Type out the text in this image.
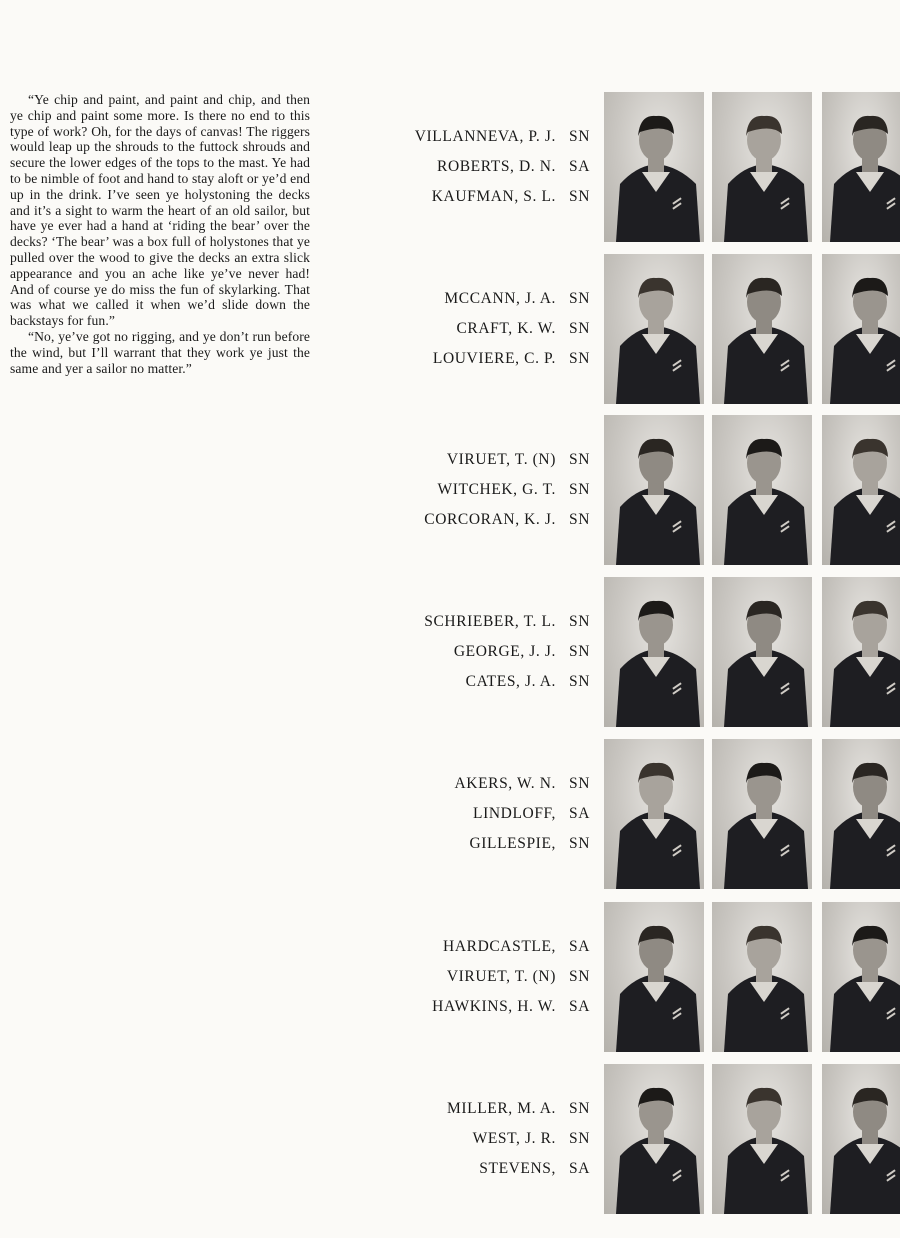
“Ye chip and paint, and paint and chip, and then ye chip and paint some more. Is there no end to this type of work? Oh, for the days of canvas! The riggers would leap up the shrouds to the futtock shrouds and secure the lower edges of the tops to the mast. Ye had to be nimble of foot and hand to stay aloft or ye’d end up in the drink. I’ve seen ye holystoning the decks and it’s a sight to warm the heart of an old sailor, but have ye ever had a hand at ‘riding the bear’ over the decks? ‘The bear’ was a box full of holystones that ye pulled over the wood to give the decks an extra slick appearance and you an ache like ye’ve never had! And of course ye do miss the fun of skylarking. That was what we called it when we’d slide down the backstays for fun.”

“No, ye’ve got no rigging, and ye don’t run before the wind, but I’ll warrant that they work ye just the same and yer a sailor no matter.”

VILLANNEVA, P. J. SN
ROBERTS, D. N. SA
KAUFMAN, S. L. SN
MCCANN, J. A. SN
CRAFT, K. W. SN
LOUVIERE, C. P. SN
VIRUET, T. (N) SN
WITCHEK, G. T. SN
CORCORAN, K. J. SN
SCHRIEBER, T. L. SN
GEORGE, J. J. SN
CATES, J. A. SN
AKERS, W. N. SN
LINDLOFF, SA
GILLESPIE, SN
HARDCASTLE, SA
VIRUET, T. (N) SN
HAWKINS, H. W. SA
MILLER, M. A. SN
WEST, J. R. SN
STEVENS, SA
